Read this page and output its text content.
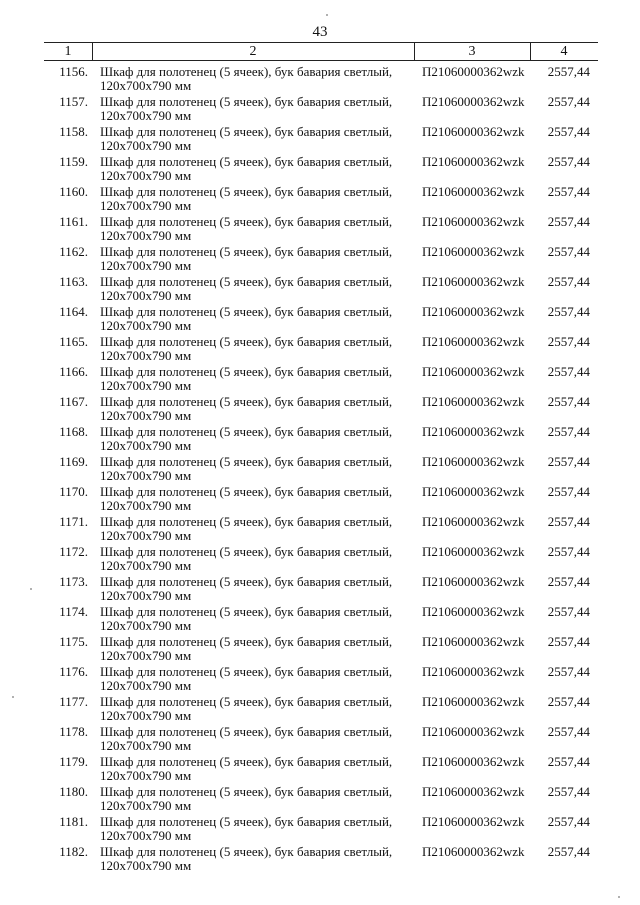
43
1	2	3	4
1156. Шкаф для полотенец (5 ячеек), бук бавария светлый,
120х700х790 мм
П21060000362wzk	2557,44
1157. Шкаф для полотенец (5 ячеек), бук бавария светлый,
120х700х790 мм
П21060000362wzk	2557,44
1158. Шкаф для полотенец (5 ячеек), бук бавария светлый,
120х700х790 мм
П21060000362wzk	2557,44
1159. Шкаф для полотенец (5 ячеек), бук бавария светлый,
120х700х790 мм
П21060000362wzk	2557,44
1160. Шкаф для полотенец (5 ячеек), бук бавария светлый,
120х700х790 мм
П21060000362wzk	2557,44
1161. Шкаф для полотенец (5 ячеек), бук бавария светлый,
120х700х790 мм
П21060000362wzk	2557,44
1162. Шкаф для полотенец (5 ячеек), бук бавария светлый,
120х700х790 мм
П21060000362wzk	2557,44
1163. Шкаф для полотенец (5 ячеек), бук бавария светлый,
120х700х790 мм
П21060000362wzk	2557,44
1164. Шкаф для полотенец (5 ячеек), бук бавария светлый,
120х700х790 мм
П21060000362wzk	2557,44
1165. Шкаф для полотенец (5 ячеек), бук бавария светлый,
120х700х790 мм
П21060000362wzk	2557,44
1166. Шкаф для полотенец (5 ячеек), бук бавария светлый,
120х700х790 мм
П21060000362wzk	2557,44
1167. Шкаф для полотенец (5 ячеек), бук бавария светлый,
120х700х790 мм
П21060000362wzk	2557,44
1168. Шкаф для полотенец (5 ячеек), бук бавария светлый,
120х700х790 мм
П21060000362wzk	2557,44
1169. Шкаф для полотенец (5 ячеек), бук бавария светлый,
120х700х790 мм
П21060000362wzk	2557,44
1170. Шкаф для полотенец (5 ячеек), бук бавария светлый,
120х700х790 мм
П21060000362wzk	2557,44
1171. Шкаф для полотенец (5 ячеек), бук бавария светлый,
120х700х790 мм
П21060000362wzk	2557,44
1172. Шкаф для полотенец (5 ячеек), бук бавария светлый,
120х700х790 мм
П21060000362wzk	2557,44
1173. Шкаф для полотенец (5 ячеек), бук бавария светлый,
120х700х790 мм
П21060000362wzk	2557,44
1174. Шкаф для полотенец (5 ячеек), бук бавария светлый,
120х700х790 мм
П21060000362wzk	2557,44
1175. Шкаф для полотенец (5 ячеек), бук бавария светлый,
120х700х790 мм
П21060000362wzk	2557,44
1176. Шкаф для полотенец (5 ячеек), бук бавария светлый,
120х700х790 мм
П21060000362wzk	2557,44
1177. Шкаф для полотенец (5 ячеек), бук бавария светлый,
120х700х790 мм
П21060000362wzk	2557,44
1178. Шкаф для полотенец (5 ячеек), бук бавария светлый,
120х700х790 мм
П21060000362wzk	2557,44
1179. Шкаф для полотенец (5 ячеек), бук бавария светлый,
120х700х790 мм
П21060000362wzk	2557,44
1180. Шкаф для полотенец (5 ячеек), бук бавария светлый,
120х700х790 мм
П21060000362wzk	2557,44
1181. Шкаф для полотенец (5 ячеек), бук бавария светлый,
120х700х790 мм
П21060000362wzk	2557,44
1182. Шкаф для полотенец (5 ячеек), бук бавария светлый,
120х700х790 мм
П21060000362wzk	2557,44
